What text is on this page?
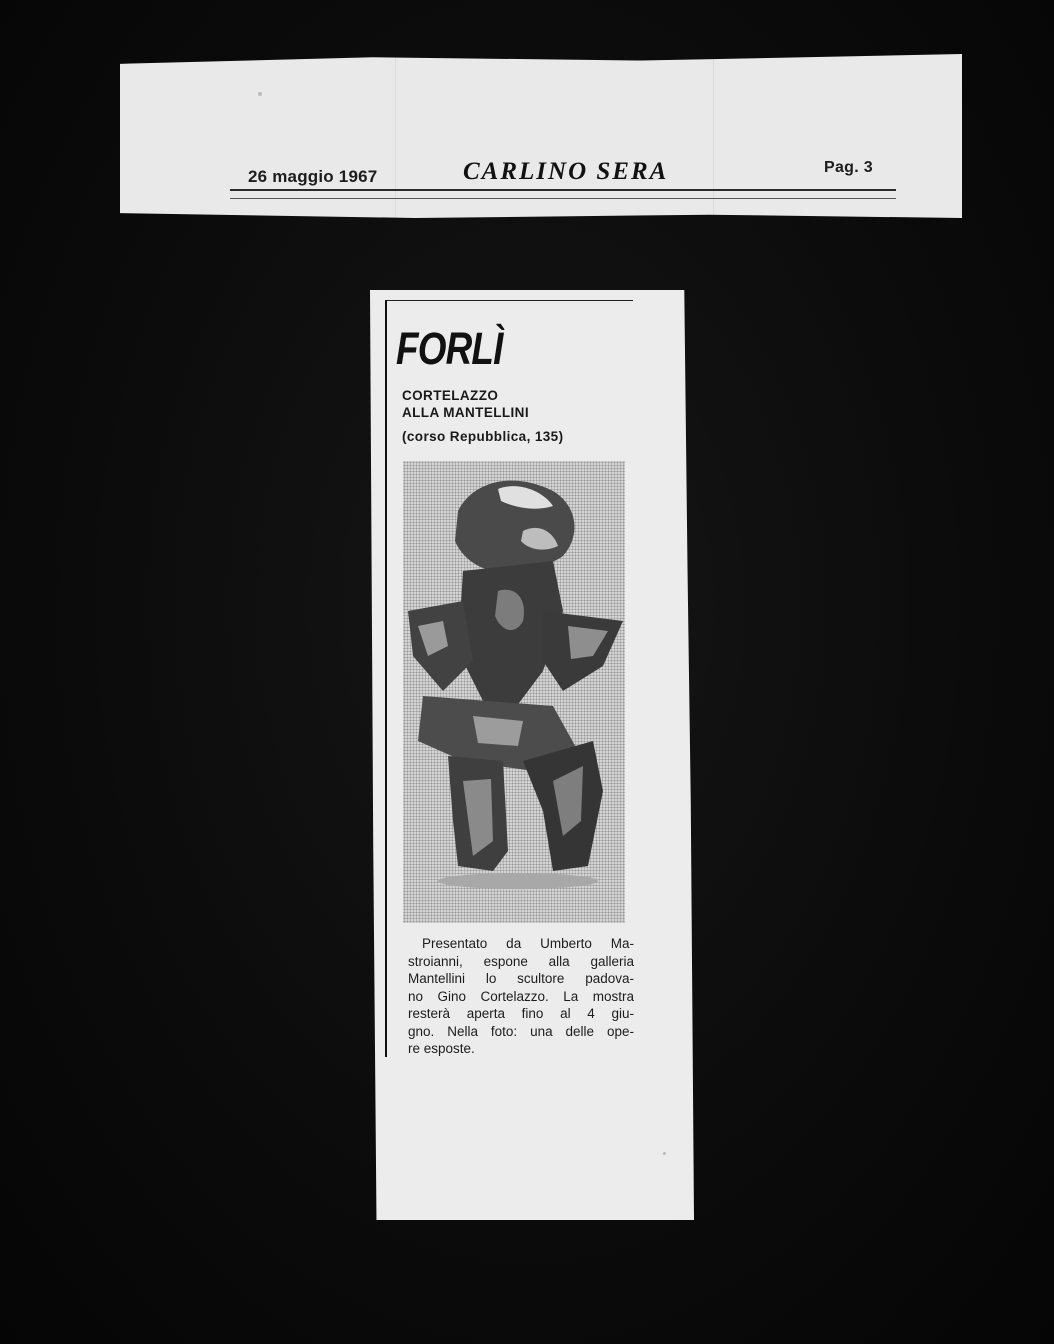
26 maggio 1967	CARLINO SERA	Pag. 3
FORLÌ
CORTELAZZO
ALLA MANTELLINI
(corso Repubblica, 135)
Presentato da Umberto Ma-
stroianni, espone alla galleria
Mantellini lo scultore padova-
no Gino Cortelazzo. La mostra
resterà aperta fino al 4 giu-
gno. Nella foto: una delle ope-
re esposte.
